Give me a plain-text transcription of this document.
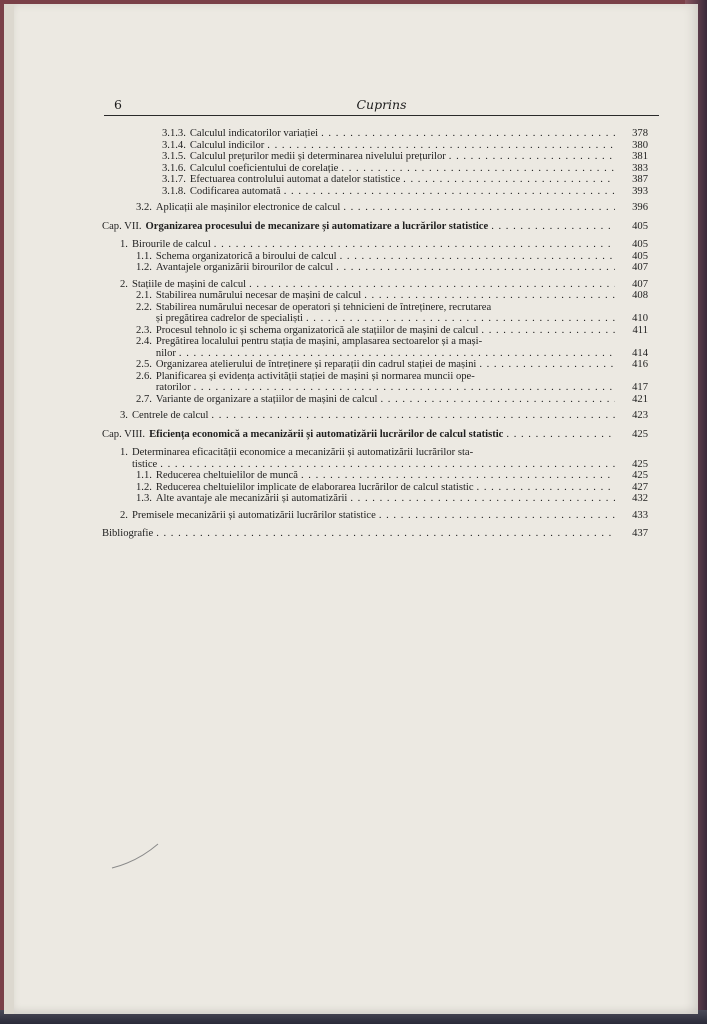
6	Cuprins
3.1.3. Calculul indicatorilor variației . . .	378
3.1.4. Calculul indicilor . . .	380
3.1.5. Calculul prețurilor medii și determinarea nivelului prețurilor . . .	381
3.1.6. Calculul coeficientului de corelație . . .	383
3.1.7. Efectuarea controlului automat a datelor statistice . . .	387
3.1.8. Codificarea automată . . .	393
3.2. Aplicații ale mașinilor electronice de calcul . . .	396
Cap. VII. Organizarea procesului de mecanizare și automatizare a lucrărilor statistice . . .	405
1. Birourile de calcul . . .	405
1.1. Schema organizatorică a biroului de calcul . . .	405
1.2. Avantajele organizării birourilor de calcul . . .	407
2. Stațiile de mașini de calcul . . .	407
2.1. Stabilirea numărului necesar de mașini de calcul . . .	408
2.2. Stabilirea numărului necesar de operatori și tehnicieni de întreținere, recrutarea
și pregătirea cadrelor de specialiști . . .	410
2.3. Procesul tehnolo ic și schema organizatorică ale stațiilor de mașini de calcul . . .	411
2.4. Pregătirea localului pentru stația de mașini, amplasarea sectoarelor și a mași-
nilor . . .	414
2.5. Organizarea atelierului de întreținere și reparații din cadrul stației de mașini . . .	416
2.6. Planificarea și evidența activității stației de mașini și normarea muncii ope-
ratorilor . . .	417
2.7. Variante de organizare a stațiilor de mașini de calcul . . .	421
3. Centrele de calcul . . .	423
Cap. VIII. Eficiența economică a mecanizării și automatizării lucrărilor de calcul statistic . . .	425
1. Determinarea eficacității economice a mecanizării și automatizării lucrărilor sta-
tistice . . .	425
1.1. Reducerea cheltuielilor de muncă . . .	425
1.2. Reducerea cheltuielilor implicate de elaborarea lucrărilor de calcul statistic . . .	427
1.3. Alte avantaje ale mecanizării și automatizării . . .	432
2. Premisele mecanizării și automatizării lucrărilor statistice . . .	433
Bibliografie . . .	437
